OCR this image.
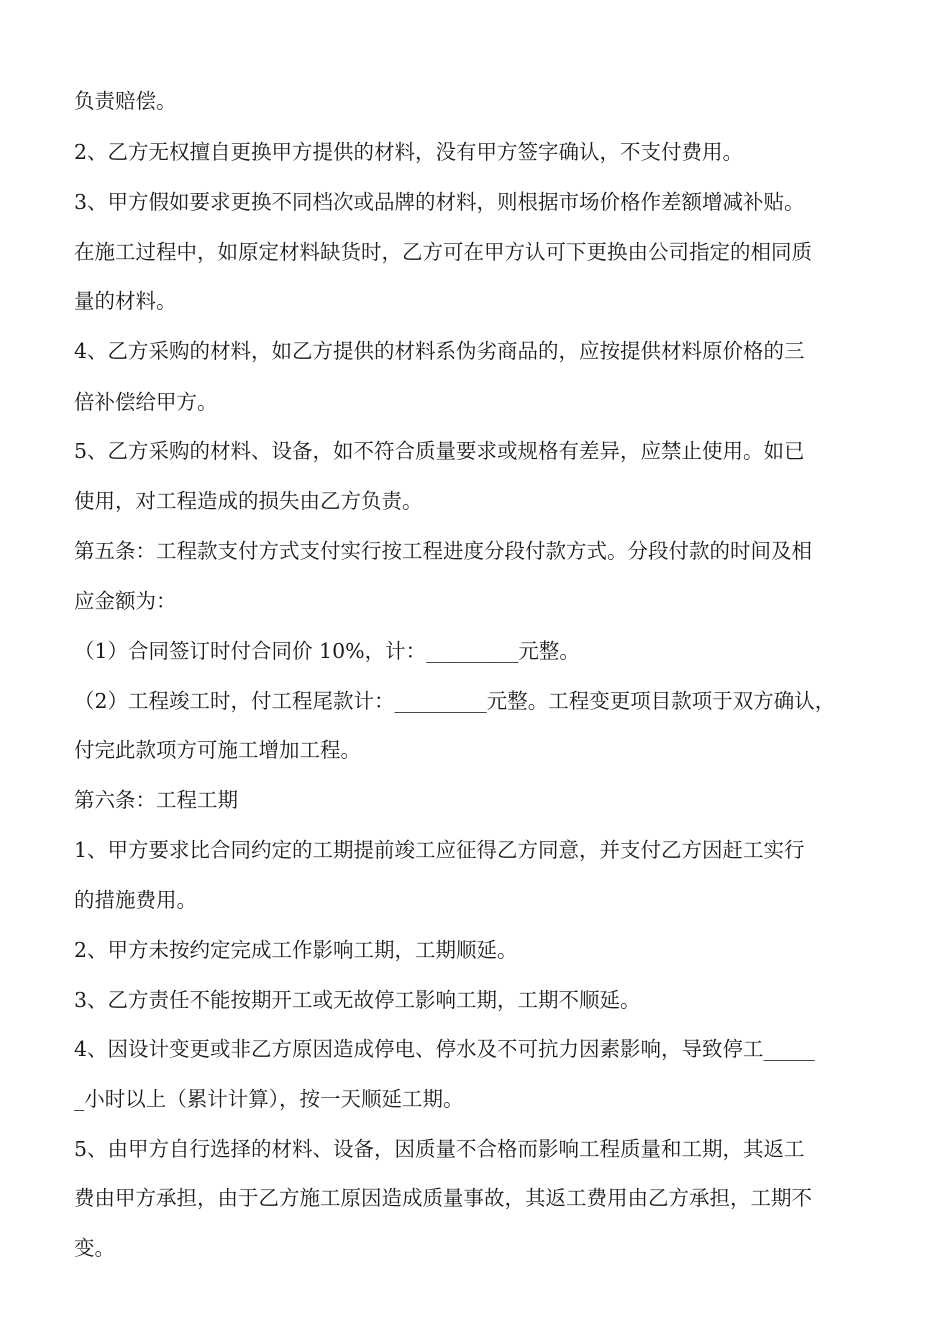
负责赔偿。
2、乙方无权擅自更换甲方提供的材料，没有甲方签字确认，不支付费用。
3、甲方假如要求更换不同档次或品牌的材料，则根据市场价格作差额增减补贴。
在施工过程中，如原定材料缺货时，乙方可在甲方认可下更换由公司指定的相同质
量的材料。
4、乙方采购的材料，如乙方提供的材料系伪劣商品的，应按提供材料原价格的三
倍补偿给甲方。
5、乙方采购的材料、设备，如不符合质量要求或规格有差异，应禁止使用。如已
使用，对工程造成的损失由乙方负责。
第五条：工程款支付方式支付实行按工程进度分段付款方式。分段付款的时间及相
应金额为：
（1）合同签订时付合同价 10%，计：_________元整。
（2）工程竣工时，付工程尾款计：_________元整。工程变更项目款项于双方确认，
付完此款项方可施工增加工程。
第六条：工程工期
1、甲方要求比合同约定的工期提前竣工应征得乙方同意，并支付乙方因赶工实行
的措施费用。
2、甲方未按约定完成工作影响工期，工期顺延。
3、乙方责任不能按期开工或无故停工影响工期，工期不顺延。
4、因设计变更或非乙方原因造成停电、停水及不可抗力因素影响，导致停工_____
_小时以上（累计计算），按一天顺延工期。
5、由甲方自行选择的材料、设备，因质量不合格而影响工程质量和工期，其返工
费由甲方承担，由于乙方施工原因造成质量事故，其返工费用由乙方承担，工期不
变。
